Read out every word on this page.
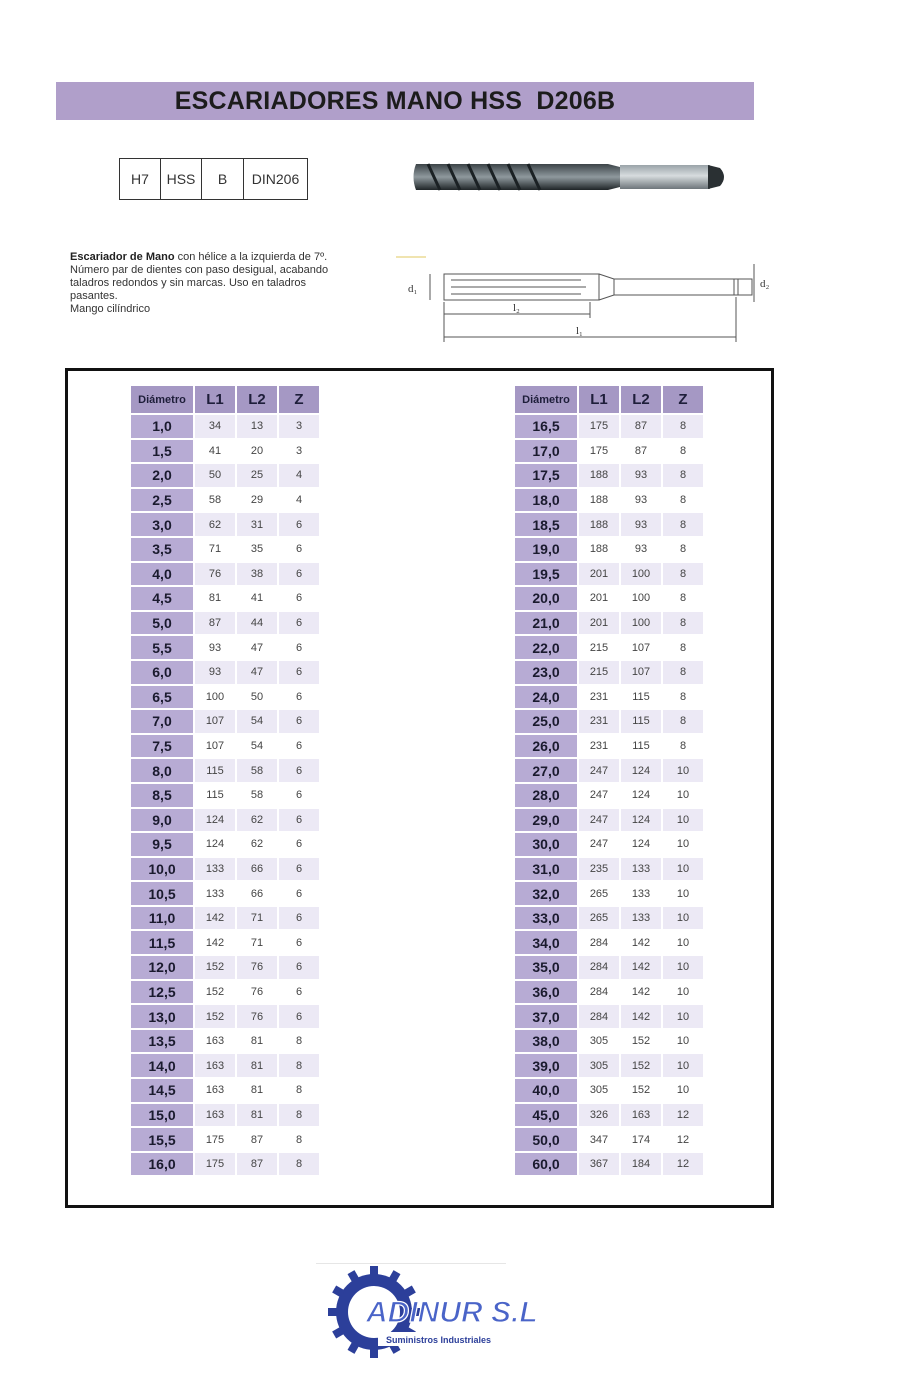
ESCARIADORES MANO HSS  D206B
H7	HSS	B	DIN206
Escariador de Mano con hélice a la izquierda de 7º.
Número par de dientes con paso desigual, acabando
taladros redondos y sin marcas. Uso en taladros
pasantes.
Mango cilíndrico
d₁
l₂
l₁
d₂
Diámetro	L1	L2	Z
1,0	34	13	3
1,5	41	20	3
2,0	50	25	4
2,5	58	29	4
3,0	62	31	6
3,5	71	35	6
4,0	76	38	6
4,5	81	41	6
5,0	87	44	6
5,5	93	47	6
6,0	93	47	6
6,5	100	50	6
7,0	107	54	6
7,5	107	54	6
8,0	115	58	6
8,5	115	58	6
9,0	124	62	6
9,5	124	62	6
10,0	133	66	6
10,5	133	66	6
11,0	142	71	6
11,5	142	71	6
12,0	152	76	6
12,5	152	76	6
13,0	152	76	6
13,5	163	81	8
14,0	163	81	8
14,5	163	81	8
15,0	163	81	8
15,5	175	87	8
16,0	175	87	8
Diámetro	L1	L2	Z
16,5	175	87	8
17,0	175	87	8
17,5	188	93	8
18,0	188	93	8
18,5	188	93	8
19,0	188	93	8
19,5	201	100	8
20,0	201	100	8
21,0	201	100	8
22,0	215	107	8
23,0	215	107	8
24,0	231	115	8
25,0	231	115	8
26,0	231	115	8
27,0	247	124	10
28,0	247	124	10
29,0	247	124	10
30,0	247	124	10
31,0	235	133	10
32,0	265	133	10
33,0	265	133	10
34,0	284	142	10
35,0	284	142	10
36,0	284	142	10
37,0	284	142	10
38,0	305	152	10
39,0	305	152	10
40,0	305	152	10
45,0	326	163	12
50,0	347	174	12
60,0	367	184	12
ADINUR S.L
Suministros Industriales
